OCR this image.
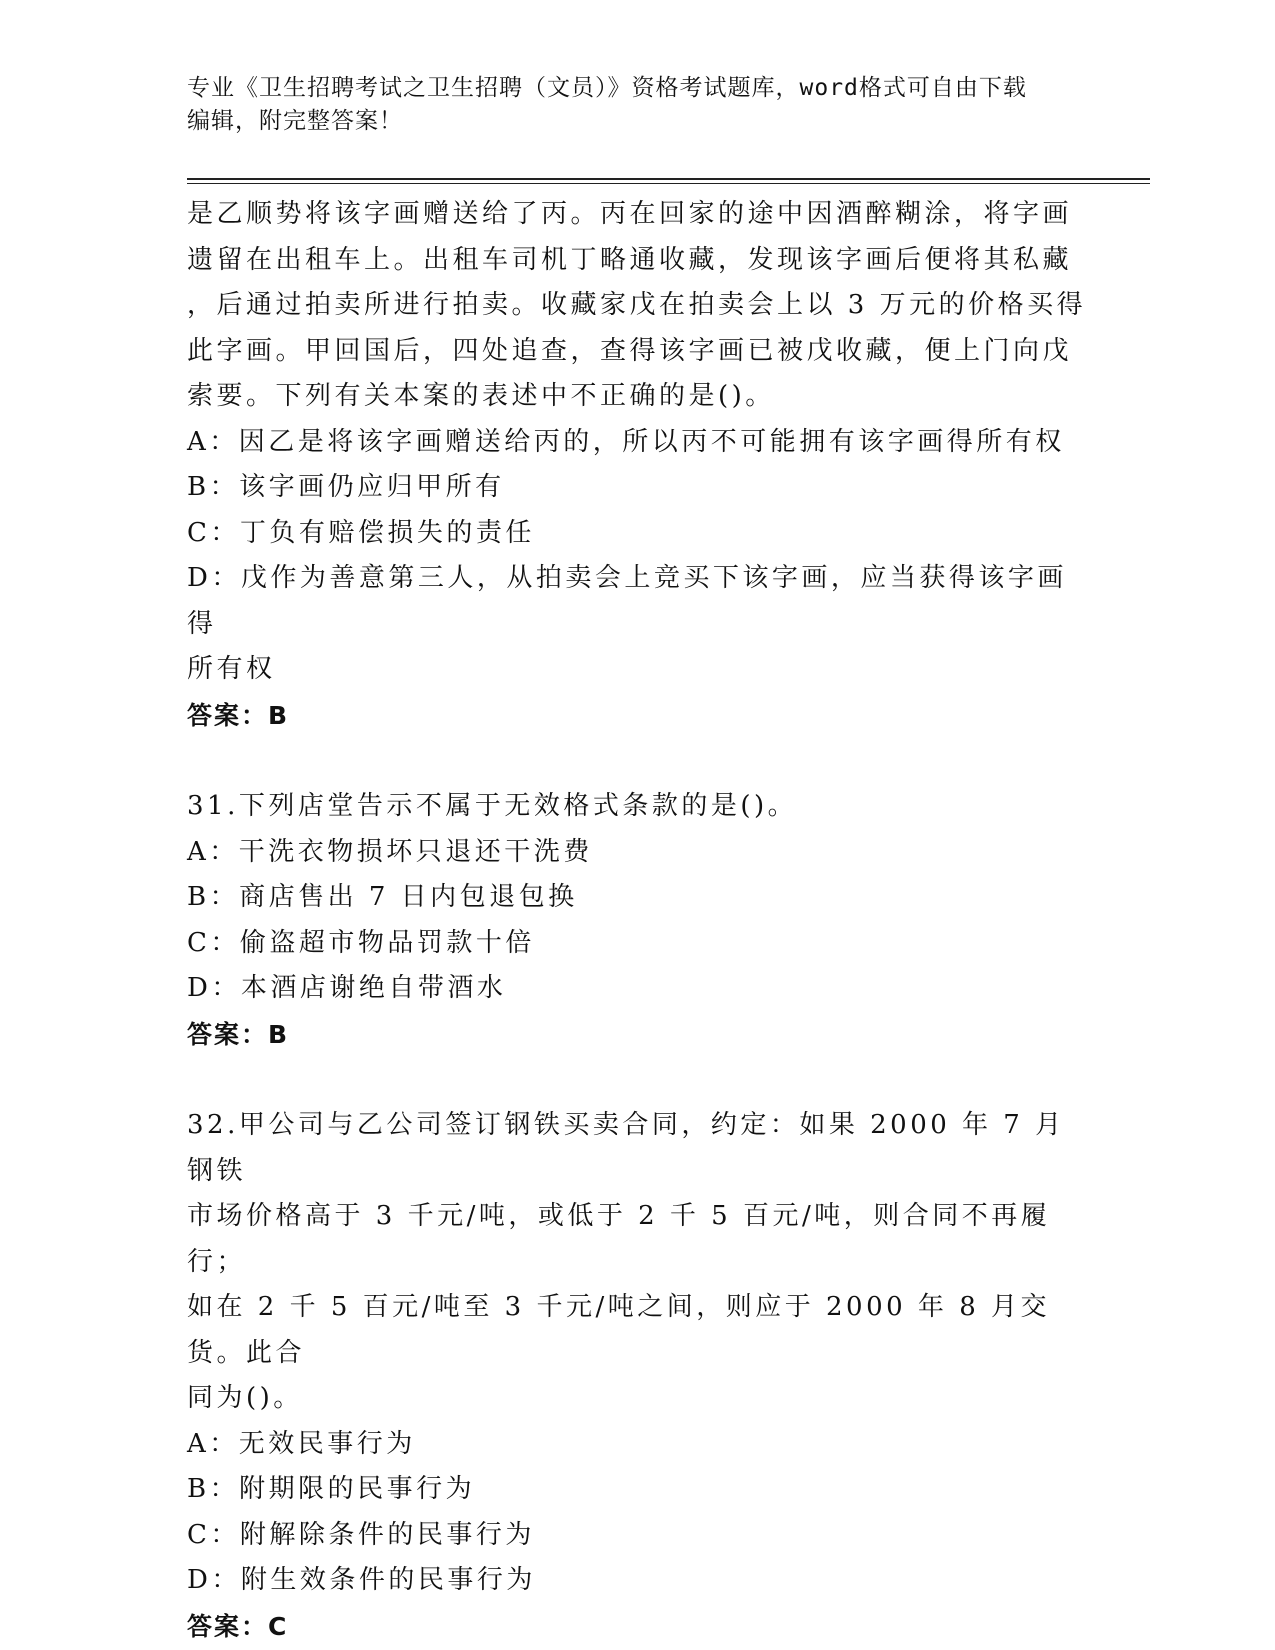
专业《卫生招聘考试之卫生招聘（文员）》资格考试题库，word格式可自由下载
编辑，附完整答案！

是乙顺势将该字画赠送给了丙。丙在回家的途中因酒醉糊涂，将字画

遗留在出租车上。出租车司机丁略通收藏，发现该字画后便将其私藏

，后通过拍卖所进行拍卖。收藏家戊在拍卖会上以 3 万元的价格买得

此字画。甲回国后，四处追查，查得该字画已被戊收藏，便上门向戊

索要。下列有关本案的表述中不正确的是()。

A：因乙是将该字画赠送给丙的，所以丙不可能拥有该字画得所有权

B：该字画仍应归甲所有

C：丁负有赔偿损失的责任

D：戊作为善意第三人，从拍卖会上竞买下该字画，应当获得该字画得

所有权

答案：B

31.下列店堂告示不属于无效格式条款的是()。

A：干洗衣物损坏只退还干洗费

B：商店售出 7 日内包退包换

C：偷盗超市物品罚款十倍

D：本酒店谢绝自带酒水

答案：B

32.甲公司与乙公司签订钢铁买卖合同，约定：如果 2000 年 7 月钢铁

市场价格高于 3 千元/吨，或低于 2 千 5 百元/吨，则合同不再履行；

如在 2 千 5 百元/吨至 3 千元/吨之间，则应于 2000 年 8 月交货。此合

同为()。

A：无效民事行为

B：附期限的民事行为

C：附解除条件的民事行为

D：附生效条件的民事行为

答案：C
